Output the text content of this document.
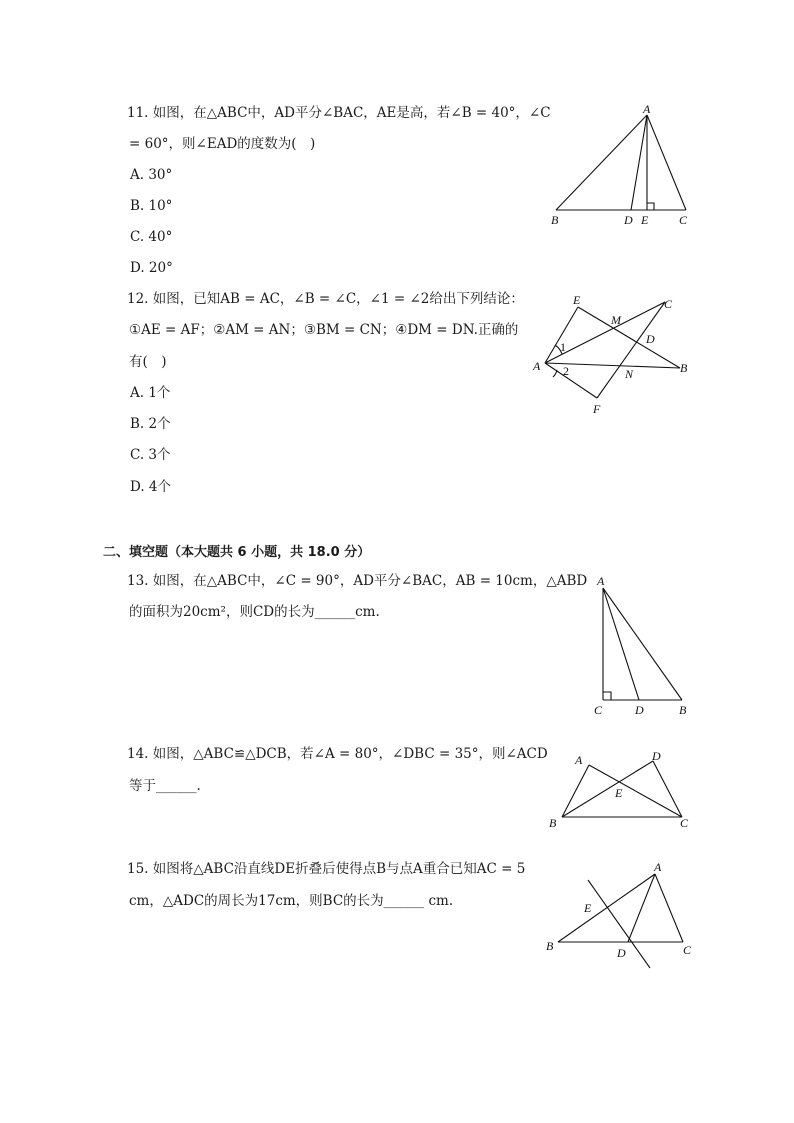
11. 如图，在△ABC中，AD平分∠BAC，AE是高，若∠B = 40°，∠C
= 60°，则∠EAD的度数为(　)
A. 30°
B. 10°
C. 40°
D. 20°
A
B	D E	C
12. 如图，已知AB = AC，∠B = ∠C，∠1 = ∠2给出下列结论：
①AE = AF；②AM = AN；③BM = CN；④DM = DN.正确的
有(　)
A. 1个
B. 2个
C. 3个
D. 4个
E
M
C
D
A
N	B
F
1
2
二、填空题（本大题共 6 小题，共 18.0 分）
13. 如图，在△ABC中，∠C = 90°，AD平分∠BAC，AB = 10cm，△ABD
的面积为20cm²，则CD的长为______cm.
A
C	D	B
14. 如图，△ABC≌△DCB，若∠A = 80°，∠DBC = 35°，则∠ACD
等于______.
A	D
E
B	C
15. 如图将△ABC沿直线DE折叠后使得点B与点A重合已知AC = 5
cm，△ADC的周长为17cm，则BC的长为______ cm.
A
E
B	D	C
